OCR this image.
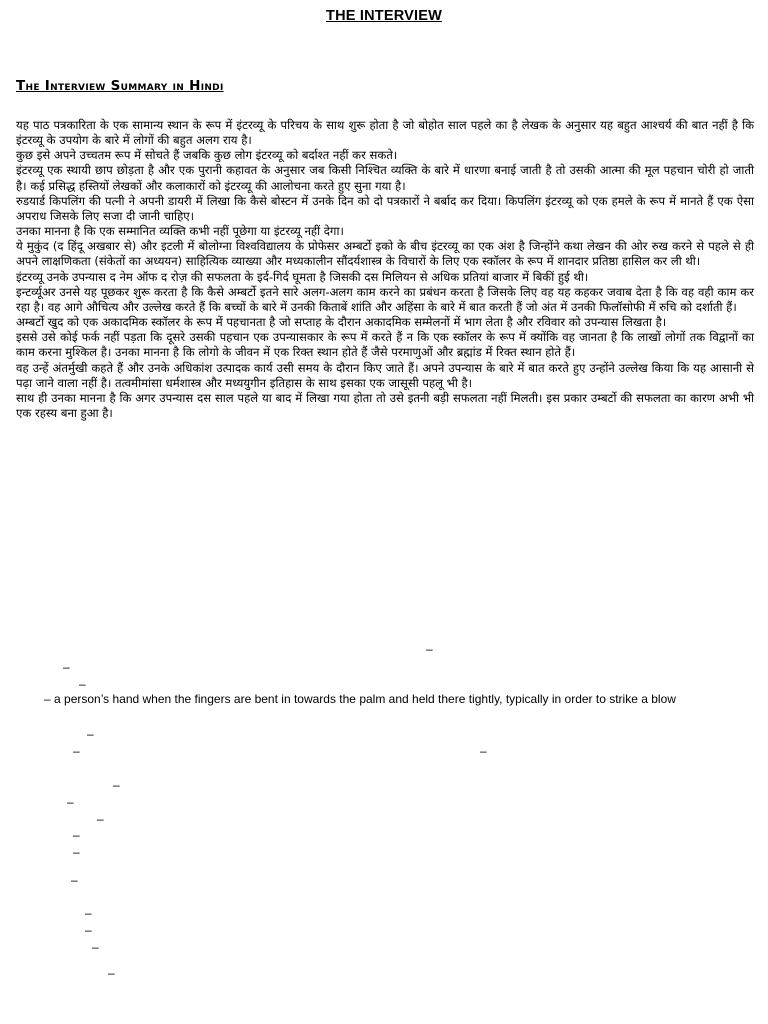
THE INTERVIEW
The Interview Summary in Hindi

यह पाठ पत्रकारिता के एक सामान्य स्थान के रूप में इंटरव्यू के परिचय के साथ शुरू होता है जो बोहोत साल पहले का है लेखक के अनुसार यह बहुत आश्चर्य की बात नहीं है कि इंटरव्यू के उपयोग के बारे में लोगों की बहुत अलग राय है।

कुछ इसे अपने उच्चतम रूप में सोचते हैं जबकि कुछ लोग इंटरव्यू को बर्दाश्त नहीं कर सकते।

इंटरव्यू एक स्थायी छाप छोड़ता है और एक पुरानी कहावत के अनुसार जब किसी निश्चित व्यक्ति के बारे में धारणा बनाई जाती है तो उसकी आत्मा की मूल पहचान चोरी हो जाती है। कई प्रसिद्ध हस्तियों लेखकों और कलाकारों को इंटरव्यू की आलोचना करते हुए सुना गया है।

रुडयार्ड किपलिंग की पत्नी ने अपनी डायरी में लिखा कि कैसे बोस्टन में उनके दिन को दो पत्रकारों ने बर्बाद कर दिया। किपलिंग इंटरव्यू को एक हमले के रूप में मानते हैं एक ऐसा अपराध जिसके लिए सजा दी जानी चाहिए।

उनका मानना है कि एक सम्मानित व्यक्ति कभी नहीं पूछेगा या इंटरव्यू नहीं देगा।

ये मुकुंद (द हिंदू अखबार से) और इटली में बोलोग्ना विश्वविद्यालय के प्रोफेसर अम्बर्टो इको के बीच इंटरव्यू का एक अंश है जिन्होंने कथा लेखन की ओर रुख करने से पहले से ही अपने लाक्षणिकता (संकेतों का अध्ययन) साहित्यिक व्याख्या और मध्यकालीन सौंदर्यशास्त्र के विचारों के लिए एक स्कॉलर के रूप में शानदार प्रतिष्ठा हासिल कर ली थी।

इंटरव्यू उनके उपन्यास द नेम ऑफ द रोज़ की सफलता के इर्द-गिर्द घूमता है जिसकी दस मिलियन से अधिक प्रतियां बाजार में बिकीं हुई थी।

इन्टर्व्यूअर उनसे यह पूछकर शुरू करता है कि कैसे अम्बर्टो इतने सारे अलग-अलग काम करने का प्रबंधन करता है जिसके लिए वह यह कहकर जवाब देता है कि वह वही काम कर रहा है। वह आगे औचित्य और उल्लेख करते हैं कि बच्चों के बारे में उनकी किताबें शांति और अहिंसा के बारे में बात करती हैं जो अंत में उनकी फिलॉसोफी में रुचि को दर्शाती हैं।

अम्बर्टो खुद को एक अकादमिक स्कॉलर के रूप में पहचानता है जो सप्ताह के दौरान अकादमिक सम्मेलनों में भाग लेता है और रविवार को उपन्यास लिखता है।

इससे उसे कोई फर्क नहीं पड़ता कि दूसरे उसकी पहचान एक उपन्यासकार के रूप में करते हैं न कि एक स्कॉलर के रूप में क्योंकि वह जानता है कि लाखों लोगों तक विद्वानों का काम करना मुश्किल है। उनका मानना है कि लोगो के जीवन में एक रिक्त स्थान होते हैं जैसे परमाणुओं और ब्रह्मांड में रिक्त स्थान होते हैं।

वह उन्हें अंतर्मुखी कहते हैं और उनके अधिकांश उत्पादक कार्य उसी समय के दौरान किए जाते हैं। अपने उपन्यास के बारे में बात करते हुए उन्होंने उल्लेख किया कि यह आसानी से पढ़ा जाने वाला नहीं है। तत्वमीमांसा धर्मशास्त्र और मध्ययुगीन इतिहास के साथ इसका एक जासूसी पहलू भी है।

साथ ही उनका मानना है कि अगर उपन्यास दस साल पहले या बाद में लिखा गया होता तो उसे इतनी बड़ी सफलता नहीं मिलती। इस प्रकार उम्बर्टो की सफलता का कारण अभी भी एक रहस्य बना हुआ है।

–
–
–
– a person’s hand when the fingers are bent in towards the palm and held there tightly, typically in order to strike a blow
–
–	–
–
–
–
–
–
–
–
–
–
–
